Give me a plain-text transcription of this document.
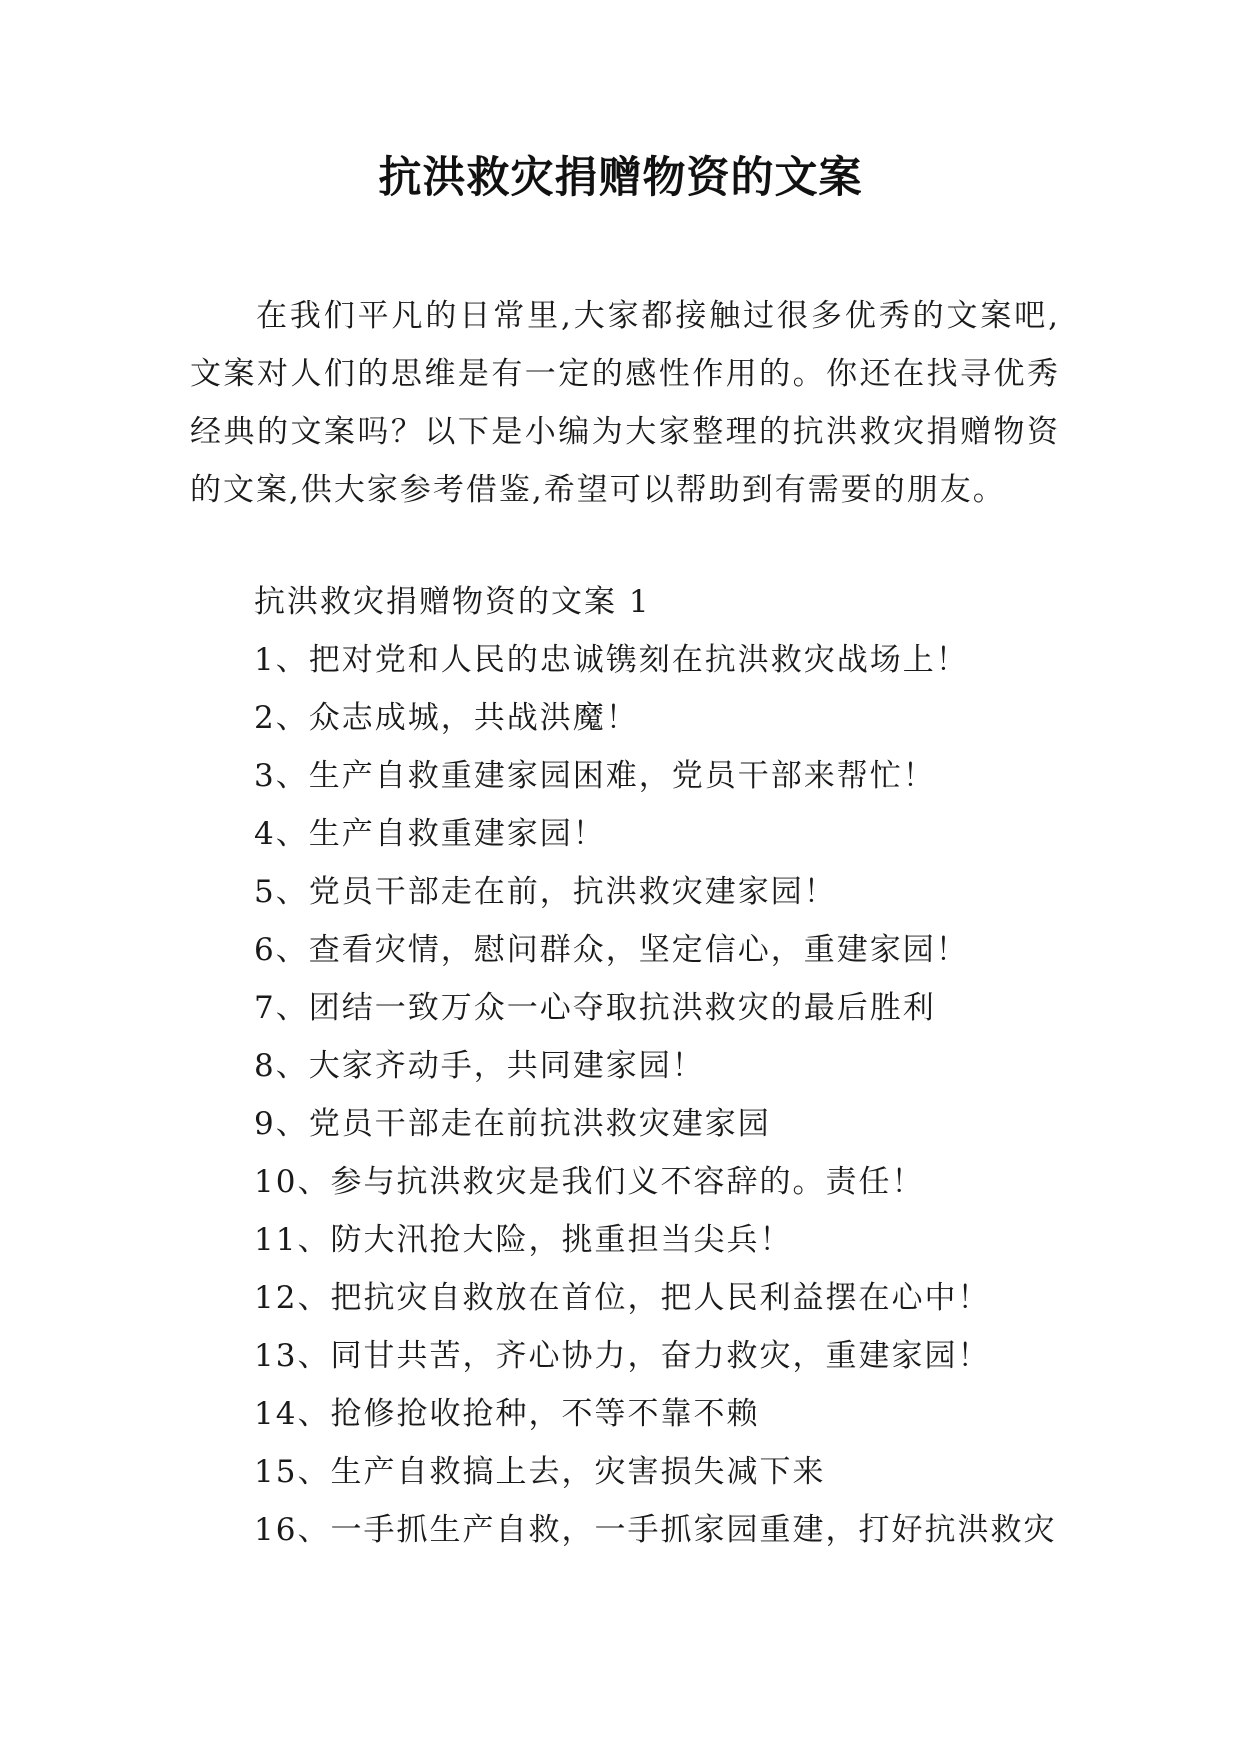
抗洪救灾捐赠物资的文案

在我们平凡的日常里,大家都接触过很多优秀的文案吧,文案对人们的思维是有一定的感性作用的。你还在找寻优秀经典的文案吗？以下是小编为大家整理的抗洪救灾捐赠物资的文案,供大家参考借鉴,希望可以帮助到有需要的朋友。

抗洪救灾捐赠物资的文案 1
1、把对党和人民的忠诚镌刻在抗洪救灾战场上！
2、众志成城，共战洪魔！
3、生产自救重建家园困难，党员干部来帮忙！
4、生产自救重建家园！
5、党员干部走在前，抗洪救灾建家园！
6、查看灾情，慰问群众，坚定信心，重建家园！
7、团结一致万众一心夺取抗洪救灾的最后胜利
8、大家齐动手，共同建家园！
9、党员干部走在前抗洪救灾建家园
10、参与抗洪救灾是我们义不容辞的。责任！
11、防大汛抢大险，挑重担当尖兵！
12、把抗灾自救放在首位，把人民利益摆在心中！
13、同甘共苦，齐心协力，奋力救灾，重建家园！
14、抢修抢收抢种，不等不靠不赖
15、生产自救搞上去，灾害损失减下来
16、一手抓生产自救，一手抓家园重建，打好抗洪救灾
